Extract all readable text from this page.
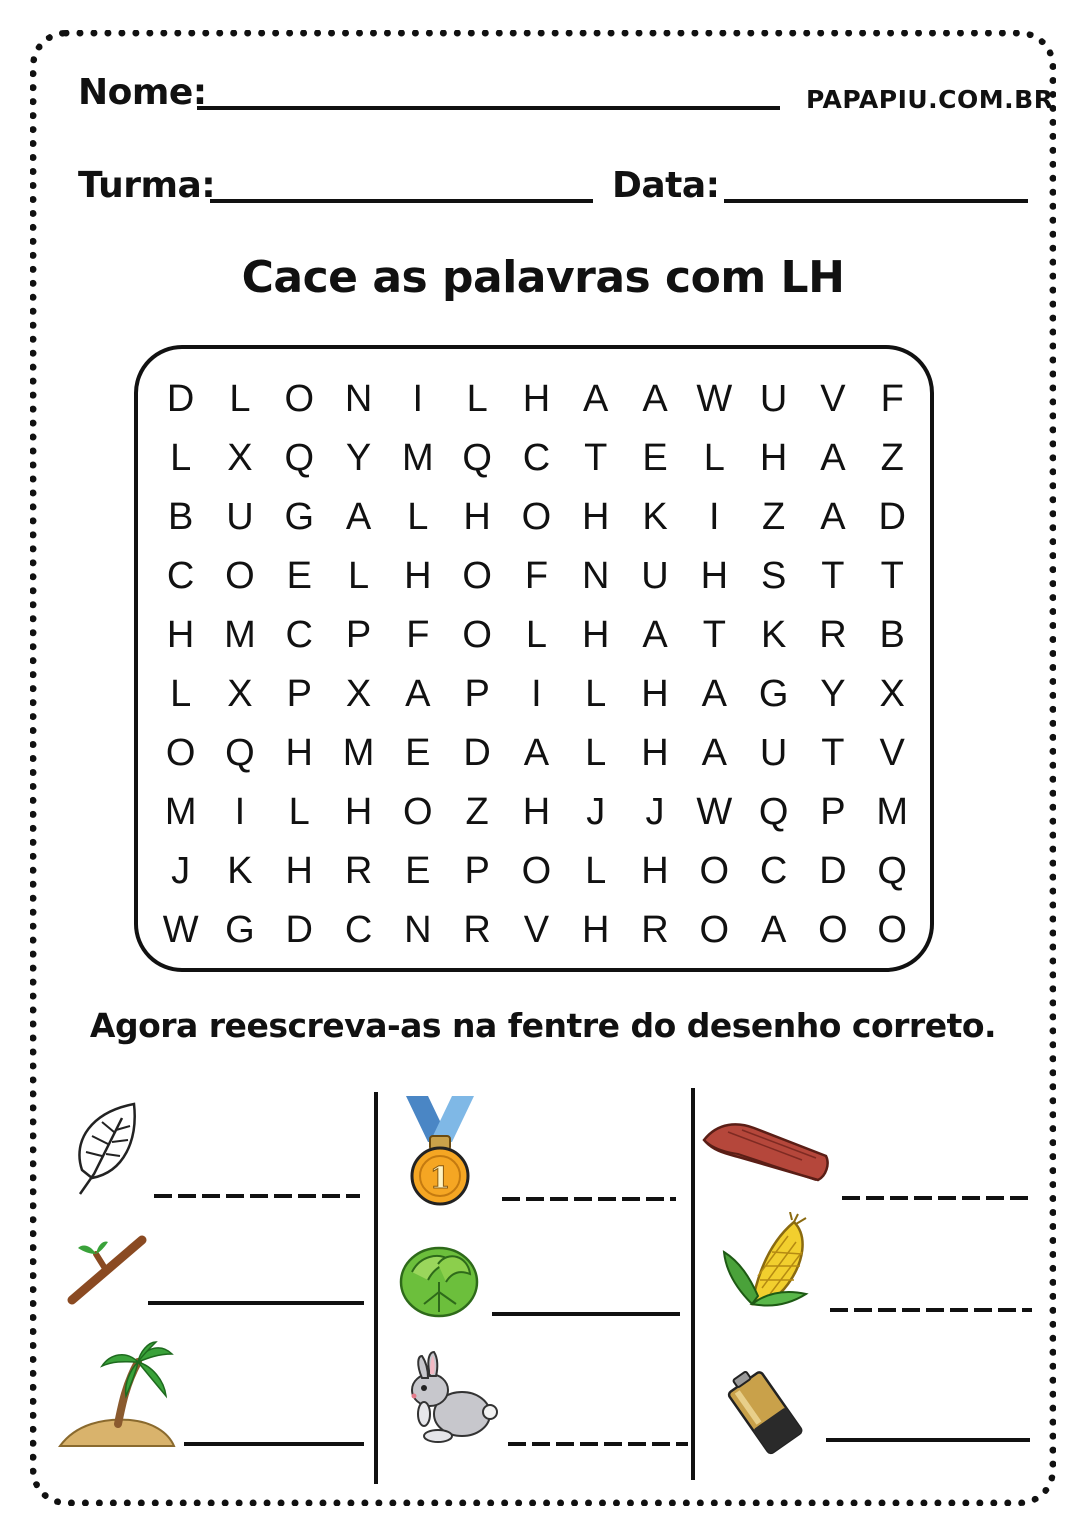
Nome:	PAPAPIU.COM.BR
Turma:	Data:
Cace as palavras com LH
D L O N	I	L H A A W U V F
L X Q Y M Q C T E L H A Z
B U G A L H O H K	I	Z A D
C O E L H O F N U H S T T
H M C P F O L H A T K R B
L X P X A P	I	L H A G Y X
O Q H M E D A L H A U T V
M	I	L H O Z H J	J W Q P M
J K H R E P O L H O C D Q
W G D C N R V H R O A O O
Agora reescreva-as na fentre do desenho correto.
1
